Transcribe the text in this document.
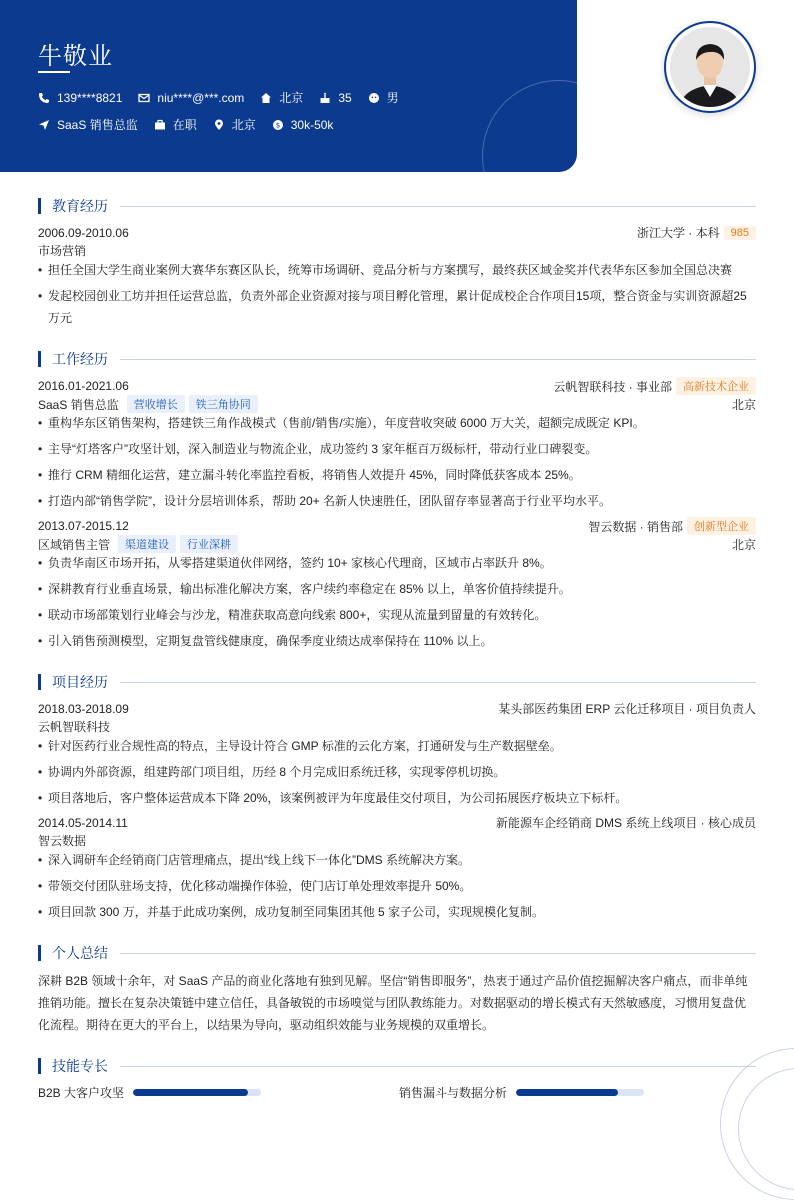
牛敬业
139****8821	niu****@***.com	北京	35	男
SaaS 销售总监	在职	北京	$ 30k-50k
教育经历
2006.09-2010.06	浙江大学 · 本科	985
市场营销
• 担任全国大学生商业案例大赛华东赛区队长，统筹市场调研、竞品分析与方案撰写，最终获区域金奖并代表华东区参加全国总决赛
• 发起校园创业工坊并担任运营总监，负责外部企业资源对接与项目孵化管理，累计促成校企合作项目15项，整合资金与实训资源超25万元
工作经历
2016.01-2021.06	云帆智联科技 · 事业部	高新技术企业
SaaS 销售总监	营收增长	铁三角协同	北京
• 重构华东区销售架构，搭建铁三角作战模式（售前/销售/实施），年度营收突破 6000 万大关，超额完成既定 KPI。
• 主导“灯塔客户”攻坚计划，深入制造业与物流企业，成功签约 3 家年框百万级标杆，带动行业口碑裂变。
• 推行 CRM 精细化运营，建立漏斗转化率监控看板，将销售人效提升 45%，同时降低获客成本 25%。
• 打造内部“销售学院”，设计分层培训体系，帮助 20+ 名新人快速胜任，团队留存率显著高于行业平均水平。
2013.07-2015.12	智云数据 · 销售部	创新型企业
区域销售主管	渠道建设	行业深耕	北京
• 负责华南区市场开拓，从零搭建渠道伙伴网络，签约 10+ 家核心代理商，区域市占率跃升 8%。
• 深耕教育行业垂直场景，输出标准化解决方案，客户续约率稳定在 85% 以上，单客价值持续提升。
• 联动市场部策划行业峰会与沙龙，精准获取高意向线索 800+，实现从流量到留量的有效转化。
• 引入销售预测模型，定期复盘管线健康度，确保季度业绩达成率保持在 110% 以上。
项目经历
2018.03-2018.09	某头部医药集团 ERP 云化迁移项目 · 项目负责人
云帆智联科技
• 针对医药行业合规性高的特点，主导设计符合 GMP 标准的云化方案，打通研发与生产数据壁垒。
• 协调内外部资源，组建跨部门项目组，历经 8 个月完成旧系统迁移，实现零停机切换。
• 项目落地后，客户整体运营成本下降 20%，该案例被评为年度最佳交付项目，为公司拓展医疗板块立下标杆。
2014.05-2014.11	新能源车企经销商 DMS 系统上线项目 · 核心成员
智云数据
• 深入调研车企经销商门店管理痛点，提出“线上线下一体化”DMS 系统解决方案。
• 带领交付团队驻场支持，优化移动端操作体验，使门店订单处理效率提升 50%。
• 项目回款 300 万，并基于此成功案例，成功复制至同集团其他 5 家子公司，实现规模化复制。
个人总结
深耕 B2B 领域十余年，对 SaaS 产品的商业化落地有独到见解。坚信“销售即服务”，热衷于通过产品价值挖掘解决客户痛点，而非单纯推销功能。擅长在复杂决策链中建立信任，具备敏锐的市场嗅觉与团队教练能力。对数据驱动的增长模式有天然敏感度，习惯用复盘优化流程。期待在更大的平台上，以结果为导向，驱动组织效能与业务规模的双重增长。
技能专长
B2B 大客户攻坚	销售漏斗与数据分析
